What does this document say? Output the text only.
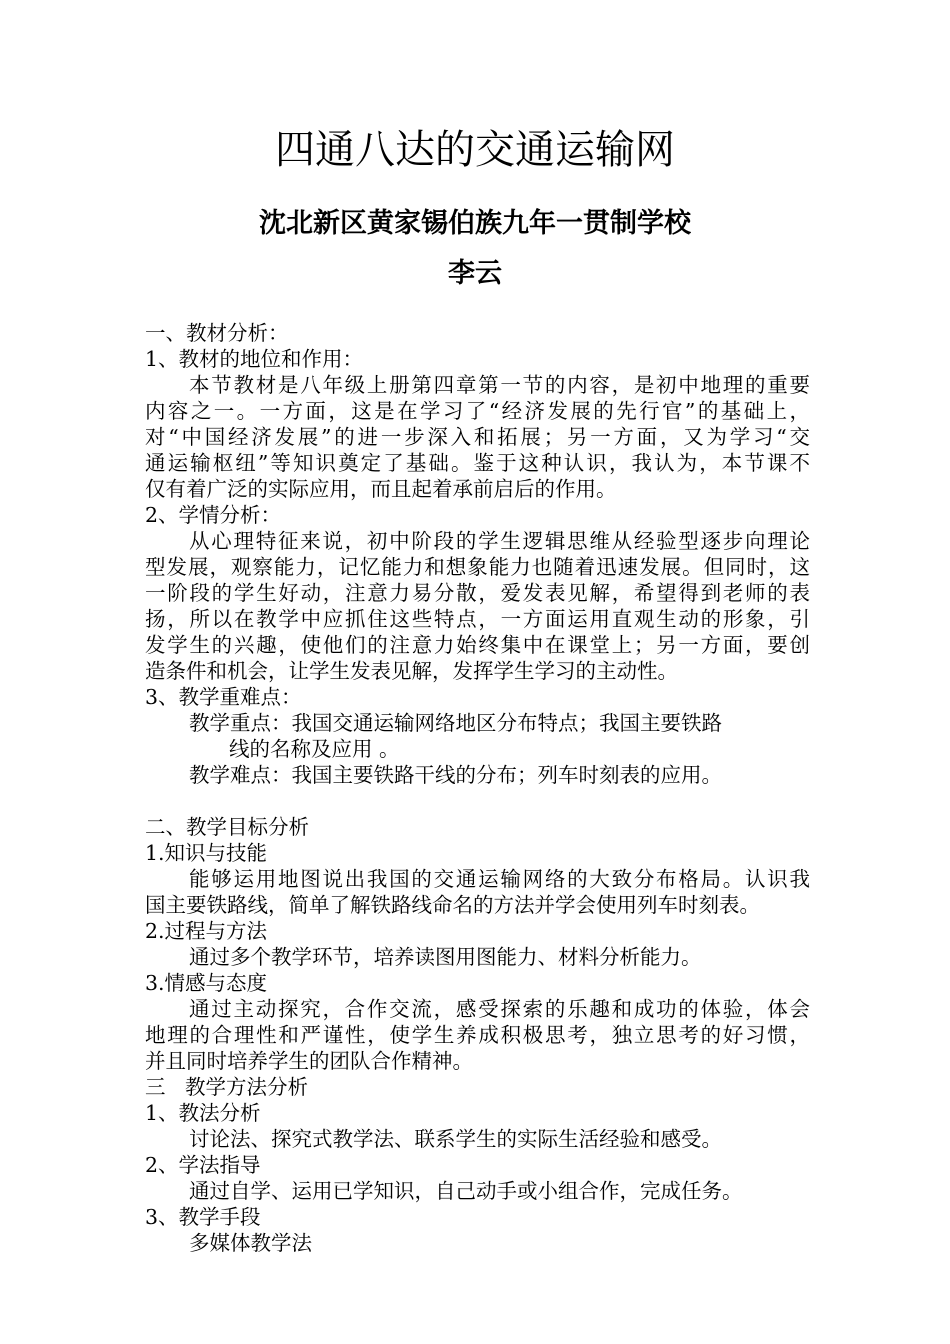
四通八达的交通运输网
沈北新区黄家锡伯族九年一贯制学校
李云
一、教材分析：
1、教材的地位和作用：
本节教材是八年级上册第四章第一节的内容，是初中地理的重要
内容之一。一方面，这是在学习了“经济发展的先行官”的基础上，
对“中国经济发展”的进一步深入和拓展；另一方面，又为学习“交
通运输枢纽”等知识奠定了基础。鉴于这种认识，我认为，本节课不
仅有着广泛的实际应用，而且起着承前启后的作用。
2、学情分析：
从心理特征来说，初中阶段的学生逻辑思维从经验型逐步向理论
型发展，观察能力，记忆能力和想象能力也随着迅速发展。但同时，这
一阶段的学生好动，注意力易分散，爱发表见解，希望得到老师的表
扬，所以在教学中应抓住这些特点，一方面运用直观生动的形象，引
发学生的兴趣，使他们的注意力始终集中在课堂上；另一方面，要创
造条件和机会，让学生发表见解，发挥学生学习的主动性。
3、教学重难点：
教学重点：我国交通运输网络地区分布特点；我国主要铁路
线的名称及应用 。
教学难点：我国主要铁路干线的分布；列车时刻表的应用。
二、教学目标分析
1.知识与技能
能够运用地图说出我国的交通运输网络的大致分布格局。认识我
国主要铁路线，简单了解铁路线命名的方法并学会使用列车时刻表。
2.过程与方法
通过多个教学环节，培养读图用图能力、材料分析能力。
3.情感与态度
通过主动探究，合作交流，感受探索的乐趣和成功的体验，体会
地理的合理性和严谨性，使学生养成积极思考，独立思考的好习惯，
并且同时培养学生的团队合作精神。
三   教学方法分析
1、教法分析
讨论法、探究式教学法、联系学生的实际生活经验和感受。
2、学法指导
通过自学、运用已学知识，自己动手或小组合作，完成任务。
3、教学手段
多媒体教学法
